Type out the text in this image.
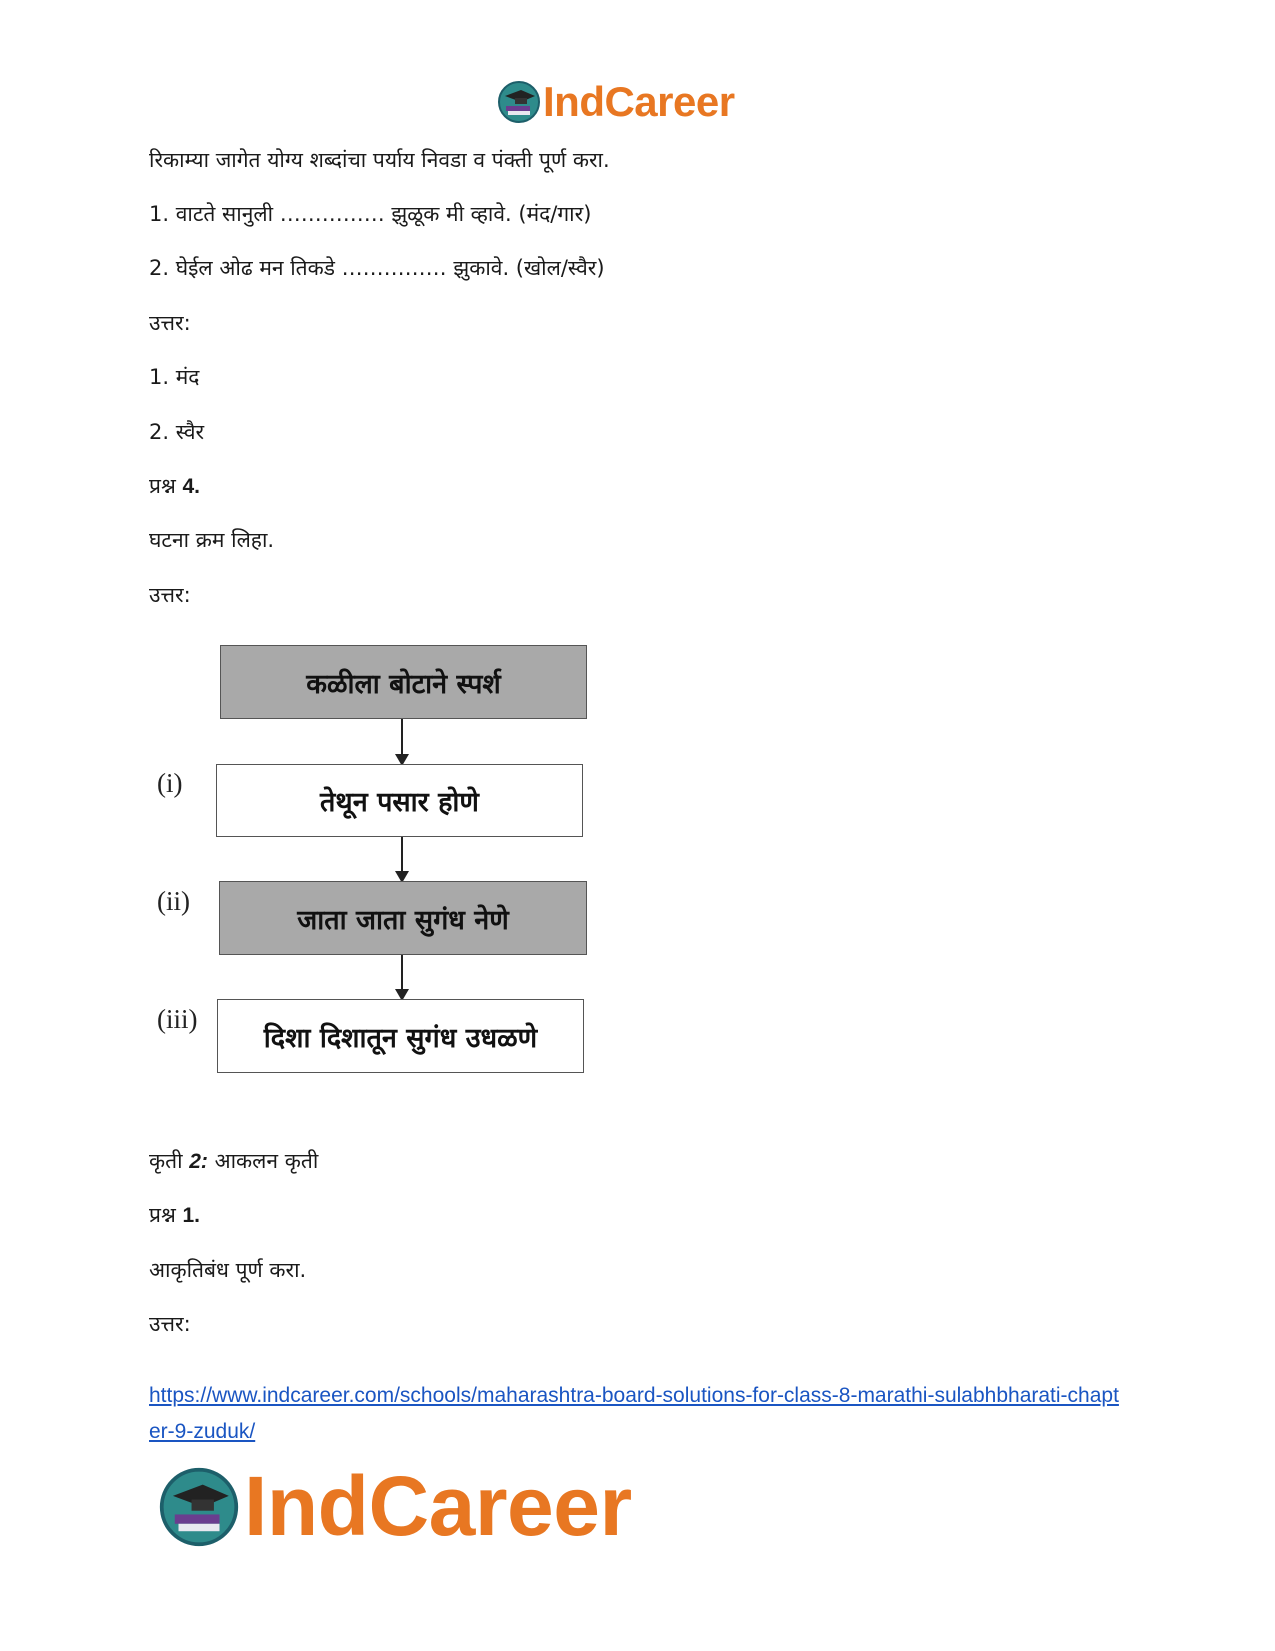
IndCareer
रिकाम्या जागेत योग्य शब्दांचा पर्याय निवडा व पंक्ती पूर्ण करा.
1. वाटते सानुली …………… झुळूक मी व्हावे. (मंद/गार)
2. घेईल ओढ मन तिकडे …………… झुकावे. (खोल/स्वैर)
उत्तर:
1. मंद
2. स्वैर
प्रश्न 4.
घटना क्रम लिहा.
उत्तर:
कळीला बोटाने स्पर्श
(i)
तेथून पसार होणे
(ii)
जाता जाता सुगंध नेणे
(iii)
दिशा दिशातून सुगंध उधळणे
कृती 2: आकलन कृती
प्रश्न 1.
आकृतिबंध पूर्ण करा.
उत्तर:
https://www.indcareer.com/schools/maharashtra-board-solutions-for-class-8-marathi-sulabhbharati-chapter-9-zuduk/
IndCareer
